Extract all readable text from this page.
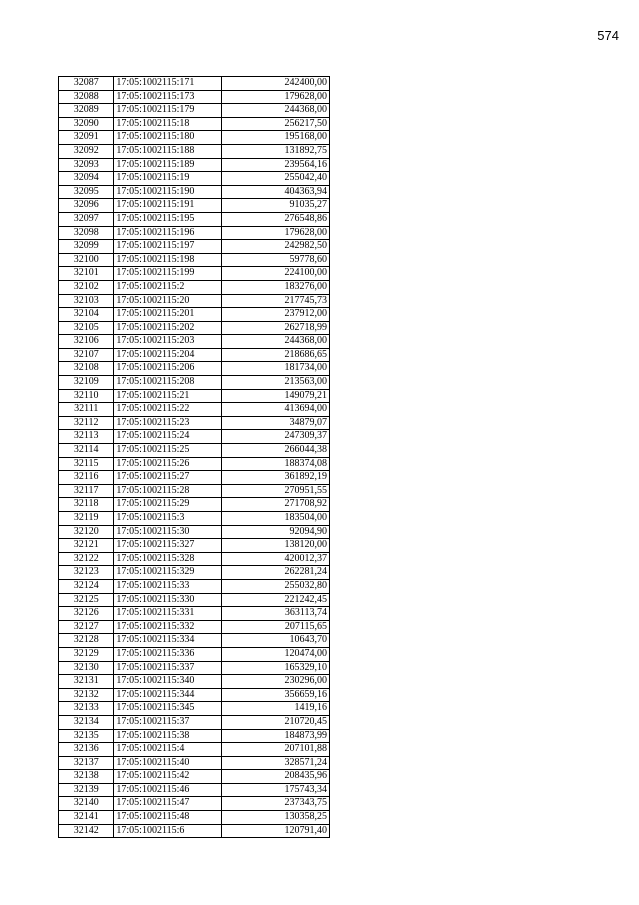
574
32087	17:05:1002115:171	242400,00
32088	17:05:1002115:173	179628,00
32089	17:05:1002115:179	244368,00
32090	17:05:1002115:18	256217,50
32091	17:05:1002115:180	195168,00
32092	17:05:1002115:188	131892,75
32093	17:05:1002115:189	239564,16
32094	17:05:1002115:19	255042,40
32095	17:05:1002115:190	404363,94
32096	17:05:1002115:191	91035,27
32097	17:05:1002115:195	276548,86
32098	17:05:1002115:196	179628,00
32099	17:05:1002115:197	242982,50
32100	17:05:1002115:198	59778,60
32101	17:05:1002115:199	224100,00
32102	17:05:1002115:2	183276,00
32103	17:05:1002115:20	217745,73
32104	17:05:1002115:201	237912,00
32105	17:05:1002115:202	262718,99
32106	17:05:1002115:203	244368,00
32107	17:05:1002115:204	218686,65
32108	17:05:1002115:206	181734,00
32109	17:05:1002115:208	213563,00
32110	17:05:1002115:21	149079,21
32111	17:05:1002115:22	413694,00
32112	17:05:1002115:23	34879,07
32113	17:05:1002115:24	247309,37
32114	17:05:1002115:25	266044,38
32115	17:05:1002115:26	188374,08
32116	17:05:1002115:27	361892,19
32117	17:05:1002115:28	270951,55
32118	17:05:1002115:29	271708,92
32119	17:05:1002115:3	183504,00
32120	17:05:1002115:30	92094,90
32121	17:05:1002115:327	138120,00
32122	17:05:1002115:328	420012,37
32123	17:05:1002115:329	262281,24
32124	17:05:1002115:33	255032,80
32125	17:05:1002115:330	221242,45
32126	17:05:1002115:331	363113,74
32127	17:05:1002115:332	207115,65
32128	17:05:1002115:334	10643,70
32129	17:05:1002115:336	120474,00
32130	17:05:1002115:337	165329,10
32131	17:05:1002115:340	230296,00
32132	17:05:1002115:344	356659,16
32133	17:05:1002115:345	1419,16
32134	17:05:1002115:37	210720,45
32135	17:05:1002115:38	184873,99
32136	17:05:1002115:4	207101,88
32137	17:05:1002115:40	328571,24
32138	17:05:1002115:42	208435,96
32139	17:05:1002115:46	175743,34
32140	17:05:1002115:47	237343,75
32141	17:05:1002115:48	130358,25
32142	17:05:1002115:6	120791,40
